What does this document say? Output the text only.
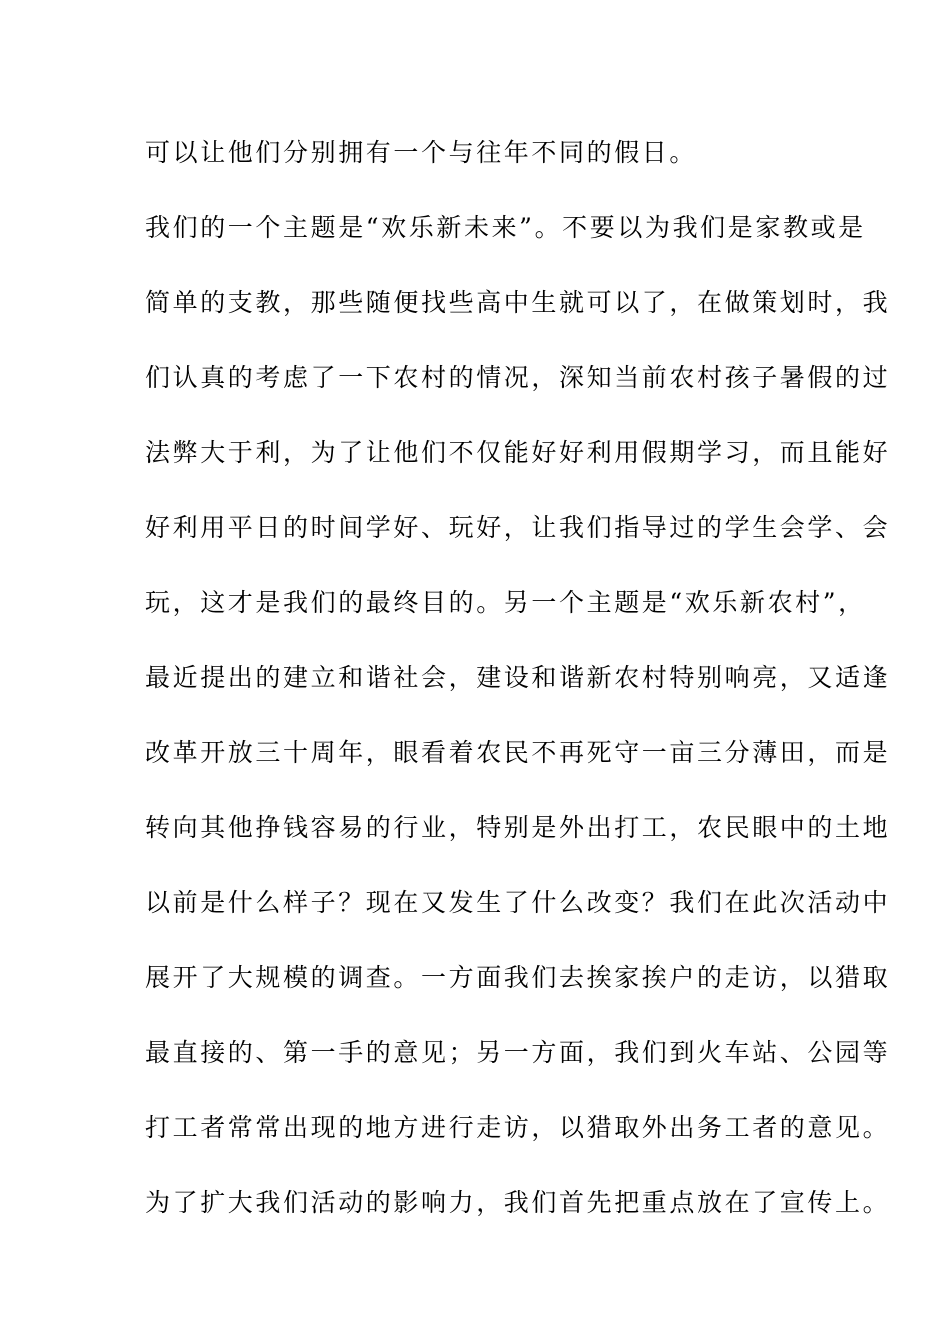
可以让他们分别拥有一个与往年不同的假日。
我们的一个主题是“欢乐新未来”。不要以为我们是家教或是
简单的支教，那些随便找些高中生就可以了，在做策划时，我
们认真的考虑了一下农村的情况，深知当前农村孩子暑假的过
法弊大于利，为了让他们不仅能好好利用假期学习，而且能好
好利用平日的时间学好、玩好，让我们指导过的学生会学、会
玩，这才是我们的最终目的。另一个主题是“欢乐新农村”，
最近提出的建立和谐社会，建设和谐新农村特别响亮，又适逢
改革开放三十周年，眼看着农民不再死守一亩三分薄田，而是
转向其他挣钱容易的行业，特别是外出打工，农民眼中的土地
以前是什么样子？现在又发生了什么改变？我们在此次活动中
展开了大规模的调查。一方面我们去挨家挨户的走访，以猎取
最直接的、第一手的意见；另一方面，我们到火车站、公园等
打工者常常出现的地方进行走访，以猎取外出务工者的意见。
为了扩大我们活动的影响力，我们首先把重点放在了宣传上。
